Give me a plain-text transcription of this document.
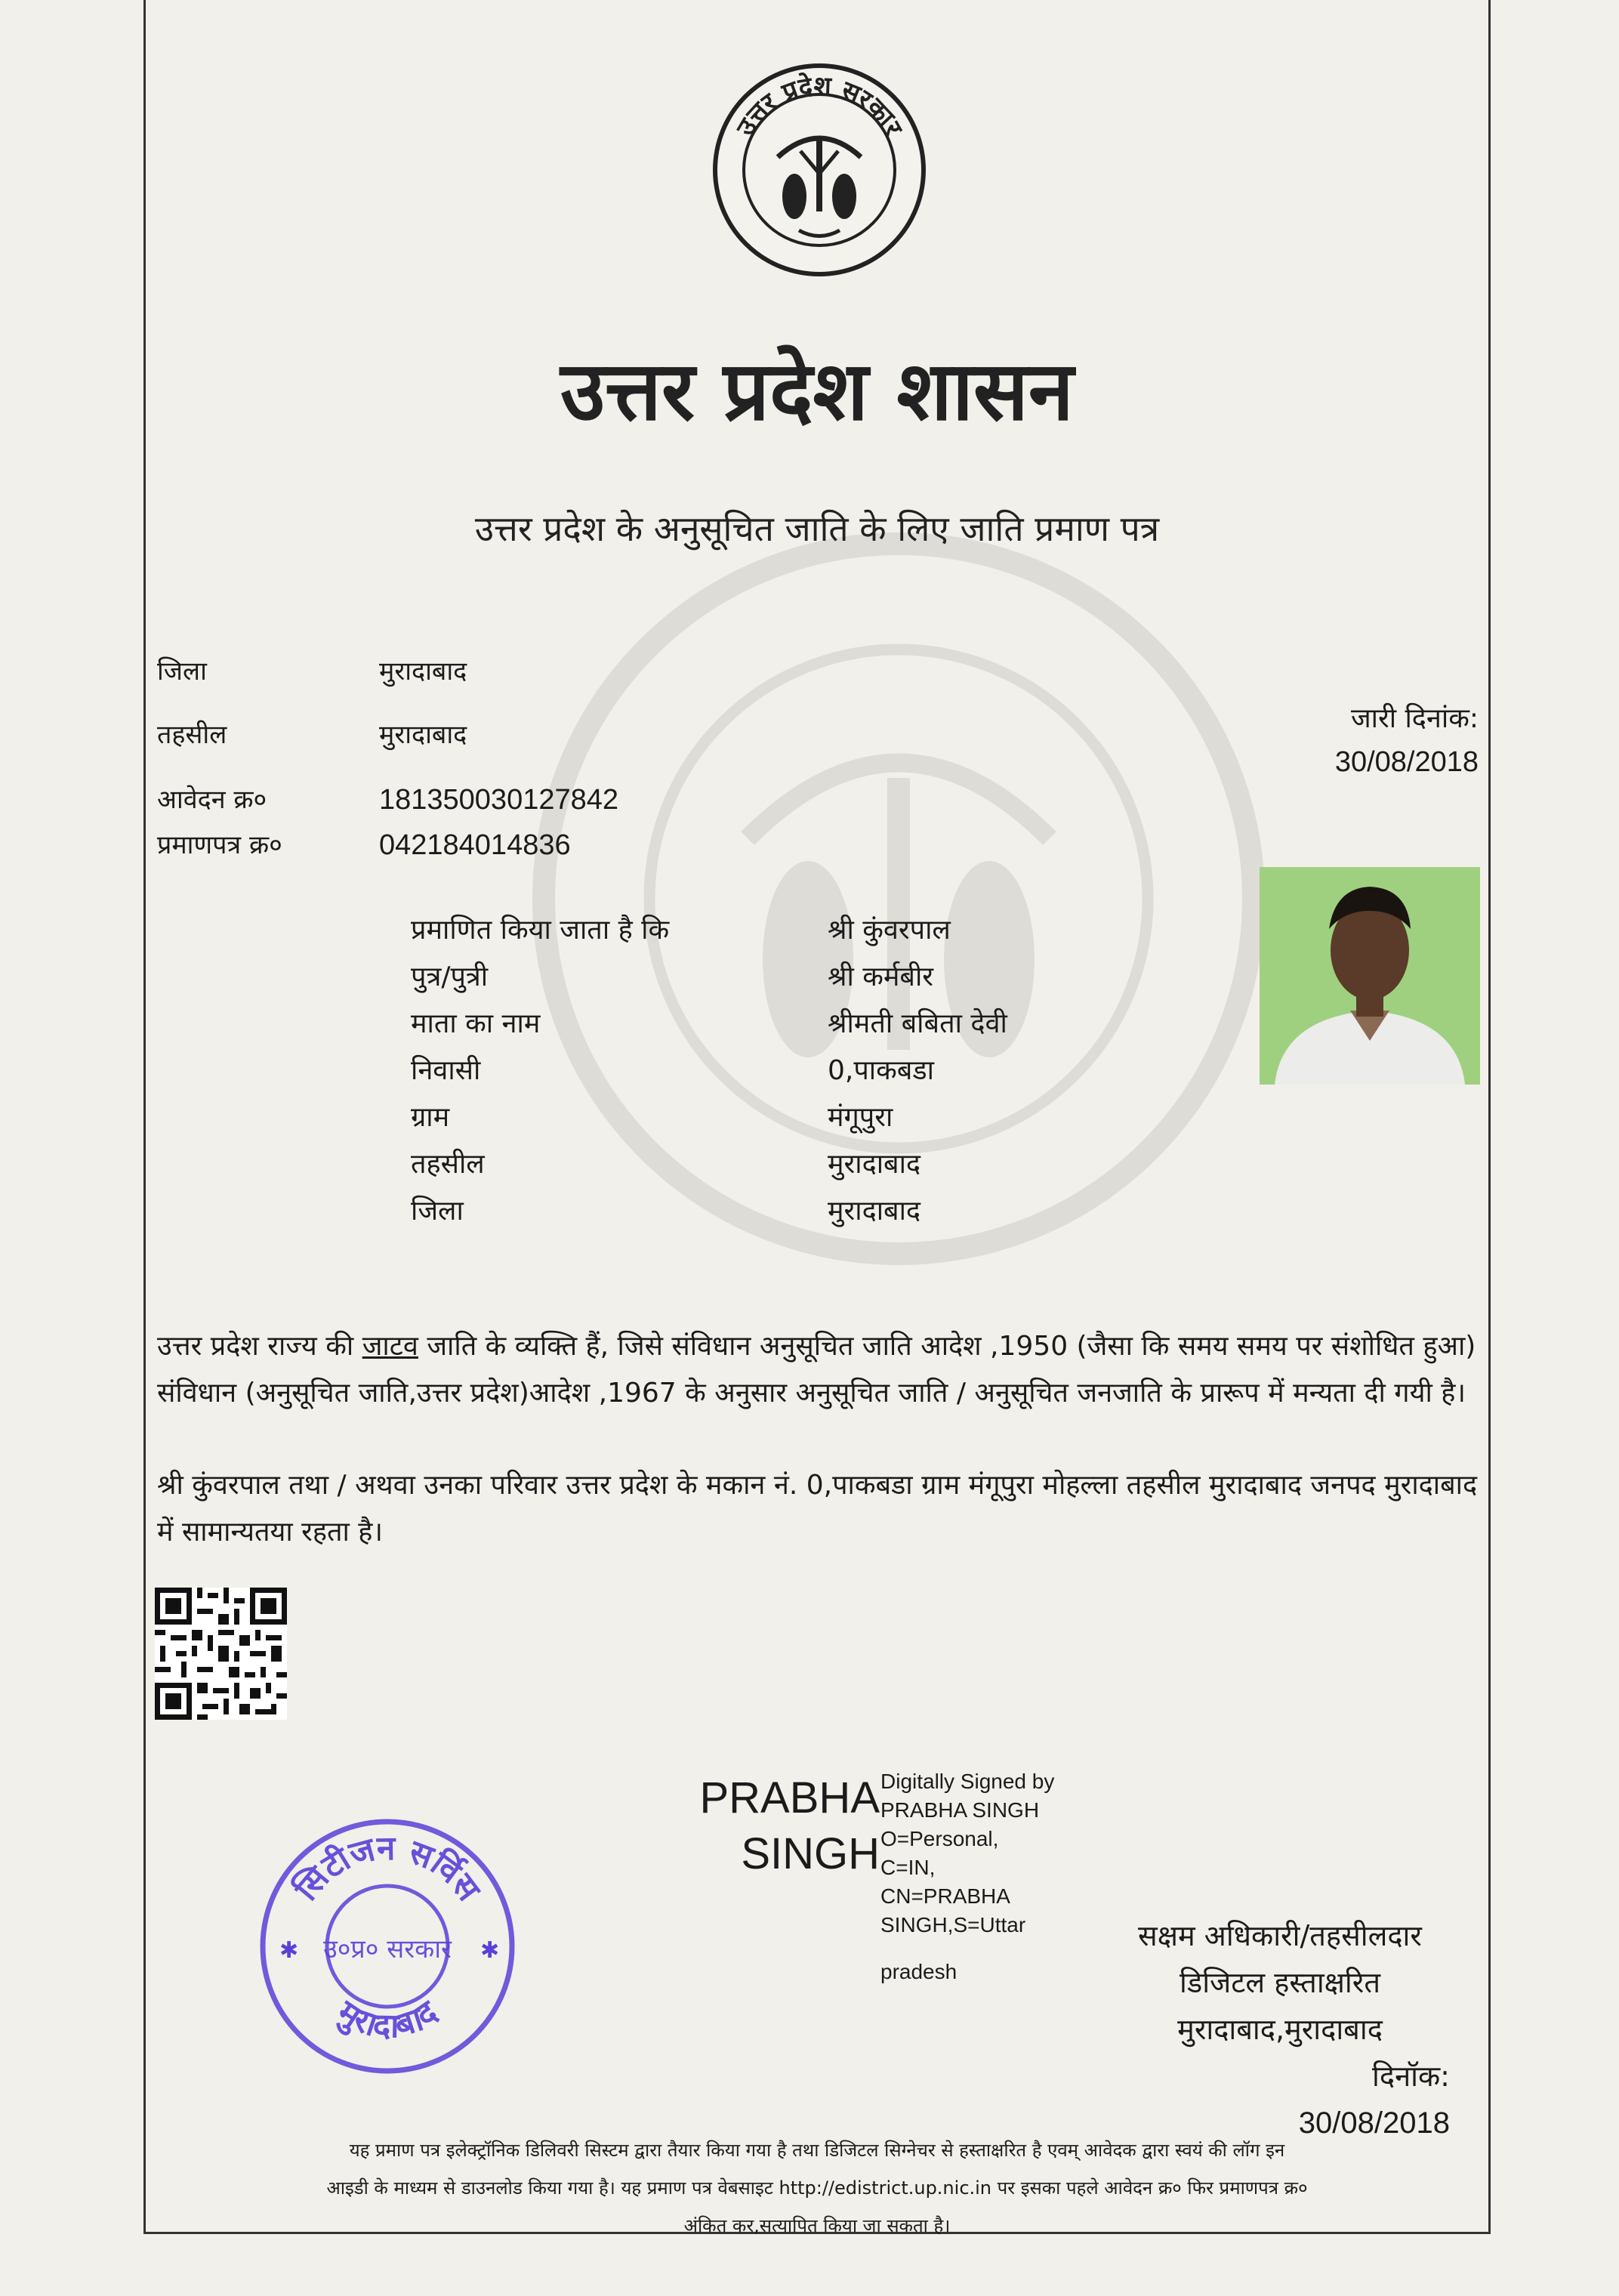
उत्तर प्रदेश सरकार
उत्तर प्रदेश शासन
उत्तर प्रदेश के अनुसूचित जाति के लिए जाति प्रमाण पत्र
जिला	मुरादाबाद
तहसील	मुरादाबाद
आवेदन क्र०	181350030127842
प्रमाणपत्र क्र०	042184014836
जारी दिनांक:
30/08/2018
प्रमाणित किया जाता है कि	श्री कुंवरपाल
पुत्र/पुत्री	श्री कर्मबीर
माता का नाम	श्रीमती बबिता देवी
निवासी	0,पाकबडा
ग्राम	मंगूपुरा
तहसील	मुरादाबाद
जिला	मुरादाबाद
उत्तर प्रदेश राज्य की जाटव जाति के व्यक्ति हैं, जिसे संविधान अनुसूचित जाति आदेश ,1950 (जैसा कि समय समय पर संशोधित हुआ) संविधान (अनुसूचित जाति,उत्तर प्रदेश)आदेश ,1967 के अनुसार अनुसूचित जाति / अनुसूचित जनजाति के प्रारूप में मन्यता दी गयी है।
श्री कुंवरपाल तथा / अथवा उनका परिवार उत्तर प्रदेश के मकान नं. 0,पाकबडा ग्राम मंगूपुरा मोहल्ला तहसील मुरादाबाद जनपद मुरादाबाद में सामान्यतया रहता है।
सिटीजन सर्विस
उ०प्र० सरकार
मुरादाबाद
✱	✱
PRABHA
SINGH
Digitally Signed by
PRABHA SINGH
O=Personal,
C=IN,
CN=PRABHA
SINGH,S=Uttar
pradesh
सक्षम अधिकारी/तहसीलदार
डिजिटल हस्ताक्षरित
मुरादाबाद,मुरादाबाद
दिनॉक:
30/08/2018
यह प्रमाण पत्र इलेक्ट्रॉनिक डिलिवरी सिस्टम द्वारा तैयार किया गया है तथा डिजिटल सिग्नेचर से हस्ताक्षरित है एवम् आवेदक द्वारा स्वयं की लॉग इन
आइडी के माध्यम से डाउनलोड किया गया है। यह प्रमाण पत्र वेबसाइट http://edistrict.up.nic.in पर इसका पहले आवेदन क्र० फिर प्रमाणपत्र क्र०
अंकित कर,सत्यापित किया जा सकता है।
